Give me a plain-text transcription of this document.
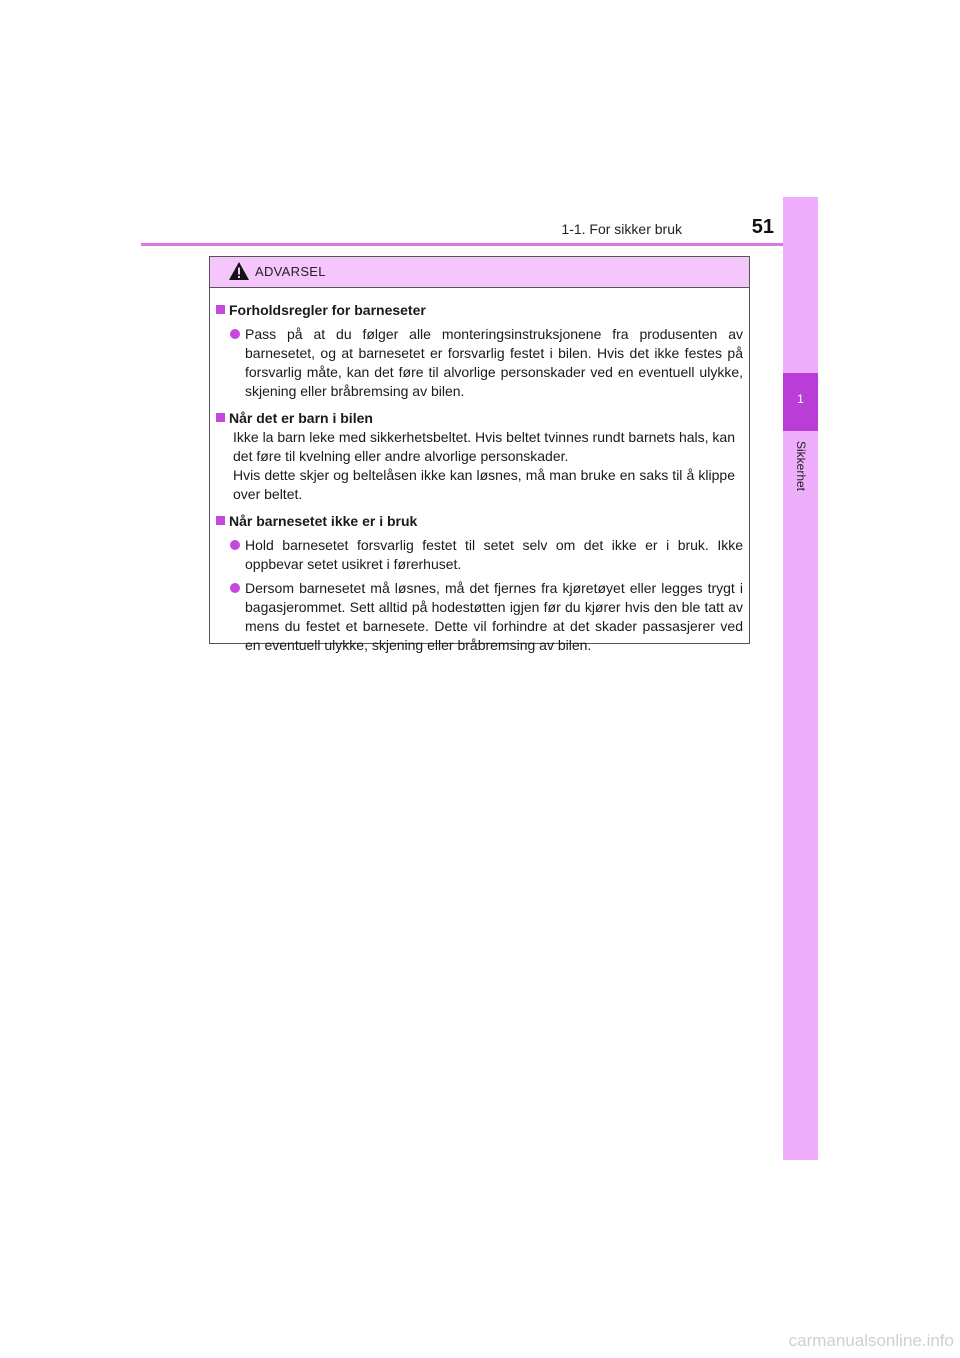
1-1. For sikker bruk	51
1
Sikkerhet
ADVARSEL
Forholdsregler for barneseter
Pass på at du følger alle monteringsinstruksjonene fra produsenten av barnesetet, og at barnesetet er forsvarlig festet i bilen. Hvis det ikke festes på forsvarlig måte, kan det føre til alvorlige personskader ved en eventuell ulykke, skjening eller bråbremsing av bilen.
Når det er barn i bilen
Ikke la barn leke med sikkerhetsbeltet. Hvis beltet tvinnes rundt barnets hals, kan det føre til kvelning eller andre alvorlige personskader.
Hvis dette skjer og beltelåsen ikke kan løsnes, må man bruke en saks til å klippe over beltet.
Når barnesetet ikke er i bruk
Hold barnesetet forsvarlig festet til setet selv om det ikke er i bruk. Ikke oppbevar setet usikret i førerhuset.
Dersom barnesetet må løsnes, må det fjernes fra kjøretøyet eller legges trygt i bagasjerommet. Sett alltid på hodestøtten igjen før du kjører hvis den ble tatt av mens du festet et barnesete. Dette vil forhindre at det skader passasjerer ved en eventuell ulykke, skjening eller bråbremsing av bilen.
carmanualsonline.info
